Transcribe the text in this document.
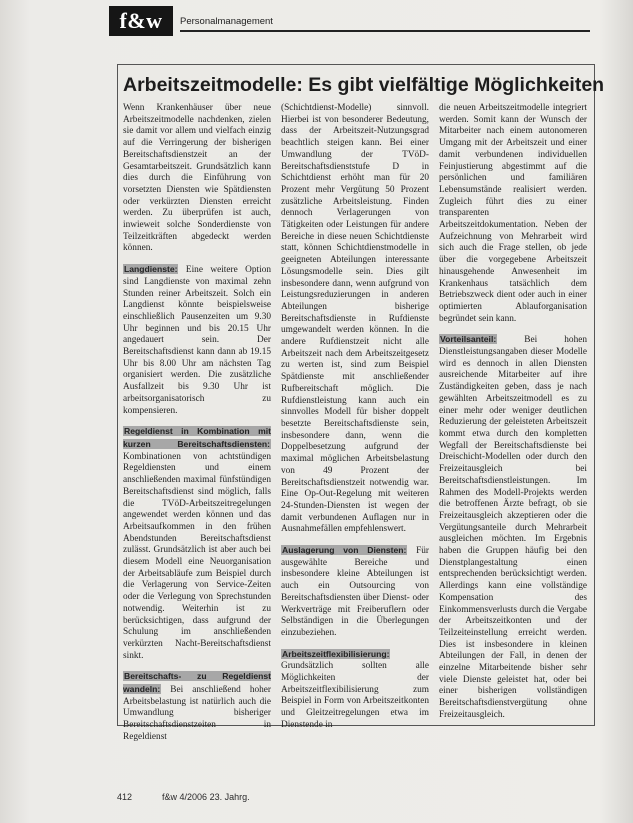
f&w	Personalmanagement
Arbeitszeitmodelle: Es gibt vielfältige Möglichkeiten

Wenn Krankenhäuser über neue Arbeitszeitmodelle nachdenken, zielen sie damit vor allem und vielfach einzig auf die Verringerung der bisherigen Bereitschaftsdienstzeit an der Gesamtarbeitszeit. Grundsätzlich kann dies durch die Einführung von vorsetzten Diensten wie Spätdiensten oder verkürzten Diensten erreicht werden. Zu überprüfen ist auch, inwieweit solche Sonderdienste von Teilzeitkräften abgedeckt werden können.

Langdienste: Eine weitere Option sind Langdienste von maximal zehn Stunden reiner Arbeitszeit. Solch ein Langdienst könnte beispielsweise einschließlich Pausenzeiten um 9.30 Uhr beginnen und bis 20.15 Uhr angedauert sein. Der Bereitschaftsdienst kann dann ab 19.15 Uhr bis 8.00 Uhr am nächsten Tag organisiert werden. Die zusätzliche Ausfallzeit bis 9.30 Uhr ist arbeitsorganisatorisch zu kompensieren.

Regeldienst in Kombination mit kurzen Bereitschaftsdiensten: Kombinationen von achtstündigen Regeldiensten und einem anschließenden maximal fünfstündigen Bereitschaftsdienst sind möglich, falls die TVöD-Arbeitszeitregelungen angewendet werden können und das Arbeitsaufkommen in den frühen Abendstunden Bereitschaftsdienst zulässt. Grundsätzlich ist aber auch bei diesem Modell eine Neuorganisation der Arbeitsabläufe zum Beispiel durch die Verlagerung von Service-Zeiten oder die Verlegung von Sprechstunden notwendig. Weiterhin ist zu berücksichtigen, dass aufgrund der Schulung im anschließenden verkürzten Nacht-Bereitschaftsdienst sinkt.

Bereitschafts- zu Regeldienst wandeln: Bei anschließend hoher Arbeitsbelastung ist natürlich auch die Umwandlung bisheriger Bereitschaftsdienstzeiten in Regeldienst

(Schichtdienst-Modelle) sinnvoll. Hierbei ist von besonderer Bedeutung, dass der Arbeitszeit-Nutzungsgrad beachtlich steigen kann. Bei einer Umwandlung der TVöD-Bereitschaftsdienststufe D in Schichtdienst erhöht man für 20 Prozent mehr Vergütung 50 Prozent zusätzliche Arbeitsleistung. Finden dennoch Verlagerungen von Tätigkeiten oder Leistungen für andere Bereiche in diese neuen Schichtdienste statt, können Schichtdienstmodelle in geeigneten Abteilungen interessante Lösungsmodelle sein. Dies gilt insbesondere dann, wenn aufgrund von Leistungsreduzierungen in anderen Abteilungen bisherige Bereitschaftsdienste in Rufdienste umgewandelt werden können. In die andere Rufdienstzeit nicht alle Arbeitszeit nach dem Arbeitszeitgesetz zu werten ist, sind zum Beispiel Spätdienste mit anschließender Rufbereitschaft möglich. Die Rufdienstleistung kann auch ein sinnvolles Modell für bisher doppelt besetzte Bereitschaftsdienste sein, insbesondere dann, wenn die Doppelbesetzung aufgrund der maximal möglichen Arbeitsbelastung von 49 Prozent der Bereitschaftsdienstzeit notwendig war. Eine Op-Out-Regelung mit weiteren 24-Stunden-Diensten ist wegen der damit verbundenen Auflagen nur in Ausnahmefällen empfehlenswert.

Auslagerung von Diensten: Für ausgewählte Bereiche und insbesondere kleine Abteilungen ist auch ein Outsourcing von Bereitschaftsdiensten über Dienst- oder Werkverträge mit Freiberuflern oder Selbständigen in die Überlegungen einzubeziehen.

Arbeitszeitflexibilisierung: Grundsätzlich sollten alle Möglichkeiten der Arbeitszeitflexibilisierung zum Beispiel in Form von Arbeitszeitkonten und Gleitzeitregelungen etwa im Dienstende in

die neuen Arbeitszeitmodelle integriert werden. Somit kann der Wunsch der Mitarbeiter nach einem autonomeren Umgang mit der Arbeitszeit und einer damit verbundenen individuellen Feinjustierung abgestimmt auf die persönlichen und familiären Lebensumstände realisiert werden. Zugleich führt dies zu einer transparenten Arbeitszeitdokumentation. Neben der Aufzeichnung von Mehrarbeit wird sich auch die Frage stellen, ob jede über die vorgegebene Arbeitszeit hinausgehende Anwesenheit im Krankenhaus tatsächlich dem Betriebszweck dient oder auch in einer optimierten Ablauforganisation begründet sein kann.

Vorteilsanteil:	Bei hohen Dienstleistungsangaben dieser Modelle wird es dennoch in allen Diensten ausreichende Mitarbeiter auf ihre Zuständigkeiten geben, dass je nach gewählten Arbeitszeitmodell es zu einer mehr oder weniger deutlichen Reduzierung der geleisteten Arbeitszeit kommt etwa durch den kompletten Wegfall der Bereitschaftsdienste bei Dreischicht-Modellen oder durch den Freizeitausgleich bei Bereitschaftsdienstleistungen. Im Rahmen des Modell-Projekts werden die betroffenen Ärzte befragt, ob sie Freizeitausgleich akzeptieren oder die Vergütungsanteile durch Mehrarbeit ausgleichen möchten. Im Ergebnis haben die Gruppen häufig bei den Dienstplangestaltung einen entsprechenden berücksichtigt werden. Allerdings kann eine vollständige Kompensation des Einkommensverlusts durch die Vergabe der Arbeitszeitkonten und der Teilzeiteinstellung erreicht werden. Dies ist insbesondere in kleinen Abteilungen der Fall, in denen der einzelne Mitarbeitende bisher sehr viele Dienste geleistet hat, oder bei einer bisherigen vollständigen Bereitschaftsdienstvergütung ohne Freizeitausgleich.

412	f&w 4/2006 23. Jahrg.
